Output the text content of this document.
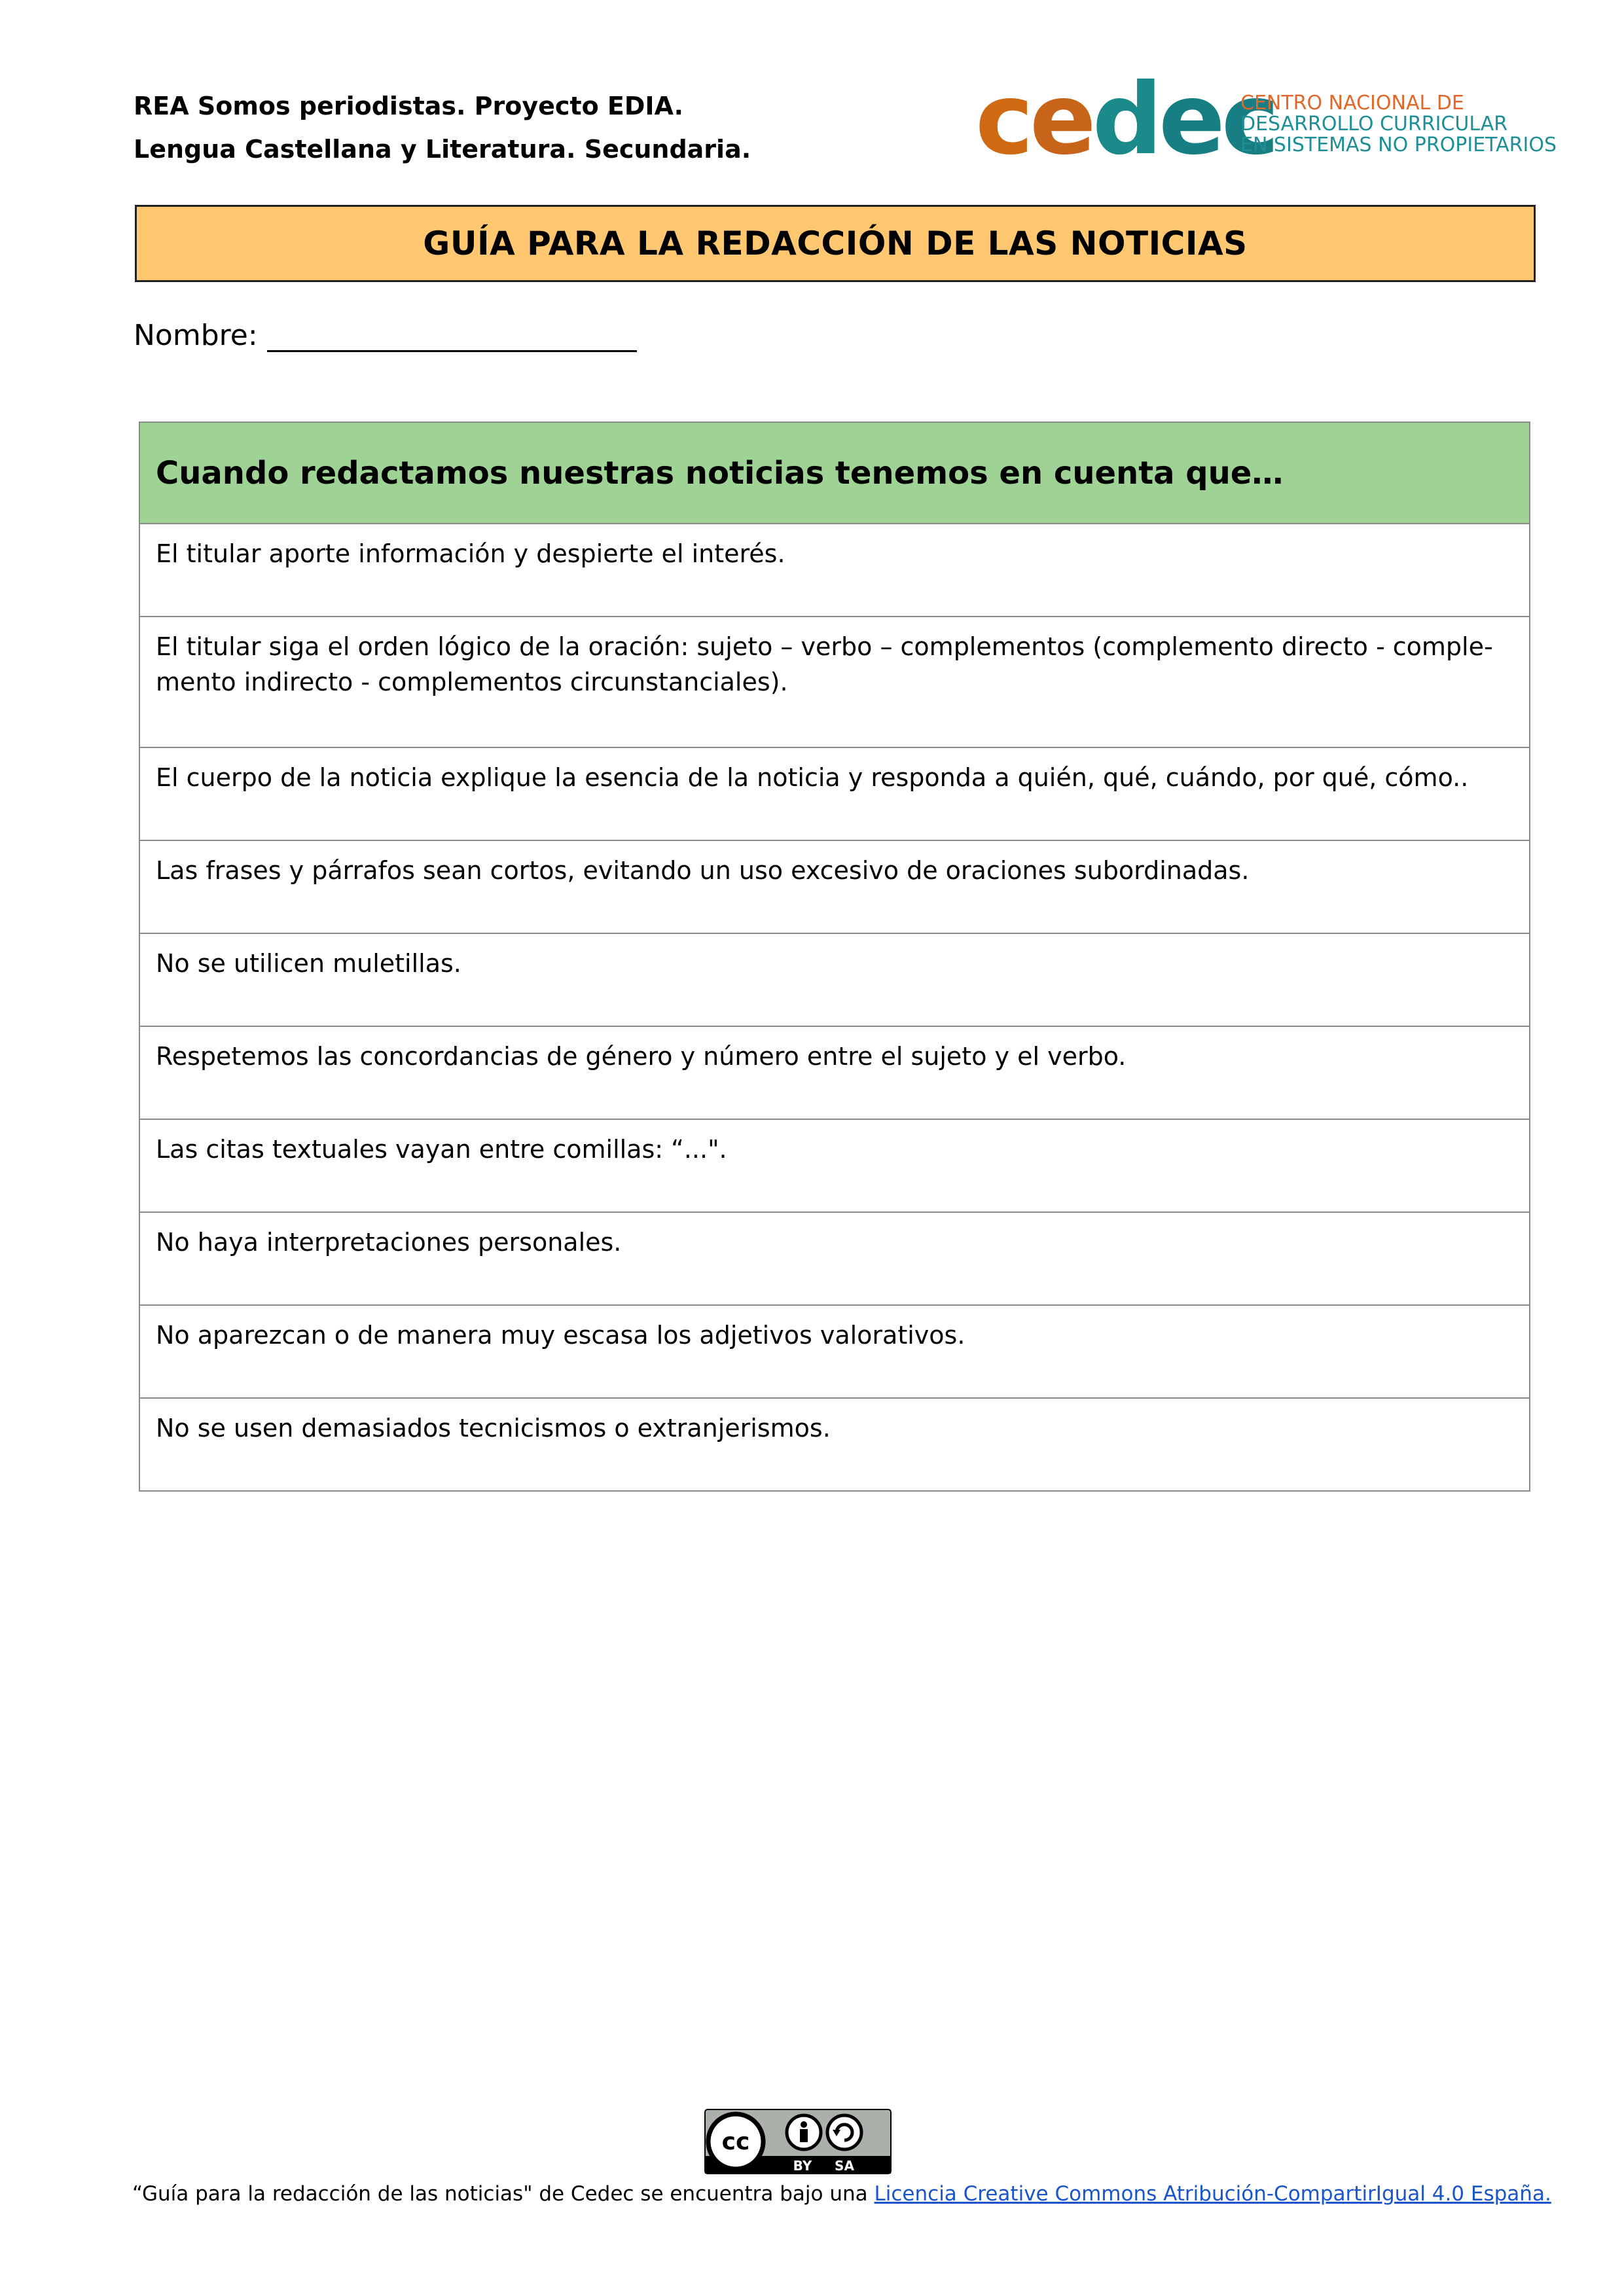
REA Somos periodistas. Proyecto EDIA.
Lengua Castellana y Literatura. Secundaria. cedec
CENTRO NACIONAL DE
DESARROLLO CURRICULAR
EN SISTEMAS NO PROPIETARIOS
GUÍA PARA LA REDACCIÓN DE LAS NOTICIAS
Nombre:
Cuando redactamos nuestras noticias tenemos en cuenta que…
El titular aporte información y despierte el interés.
El titular siga el orden lógico de la oración: sujeto – verbo – complementos (complemento directo - comple-mento indirecto - complementos circunstanciales).
El cuerpo de la noticia explique la esencia de la noticia y responda a quién, qué, cuándo, por qué, cómo..
Las frases y párrafos sean cortos, evitando un uso excesivo de oraciones subordinadas.
No se utilicen muletillas.
Respetemos las concordancias de género y número entre el sujeto y el verbo.
Las citas textuales vayan entre comillas: “...".
No haya interpretaciones personales.
No aparezcan o de manera muy escasa los adjetivos valorativos.
No se usen demasiados tecnicismos o extranjerismos.
cc
BY SA
“Guía para la redacción de las noticias" de Cedec se encuentra bajo una Licencia Creative Commons Atribución-CompartirIgual 4.0 España.
